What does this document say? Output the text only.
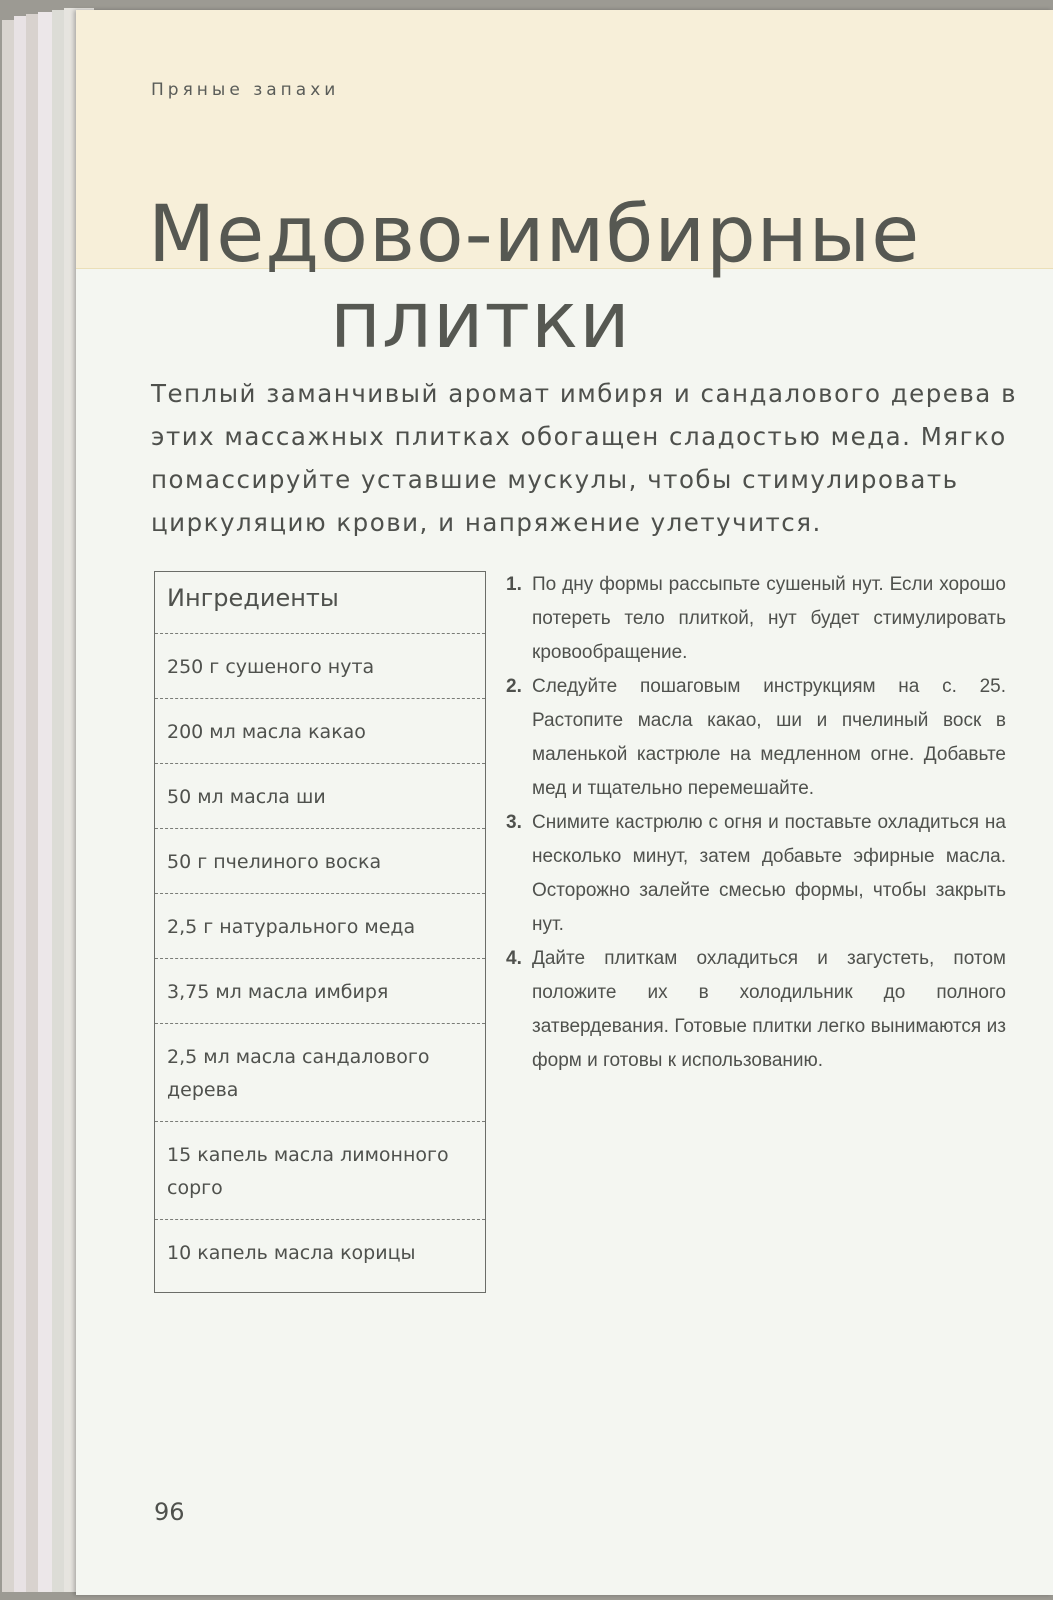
Пряные запахи
Медово-имбирные
плитки

Теплый заманчивый аромат имбиря и сандалового дерева в этих массажных плитках обогащен сладостью меда. Мягко помассируйте уставшие мускулы, чтобы стимулировать циркуляцию крови, и напряжение улетучится.

Ингредиенты
250 г сушеного нута
200 мл масла какао
50 мл масла ши
50 г пчелиного воска
2,5 г натурального меда
3,75 мл масла имбиря
2,5 мл масла сандалового дерева
15 капель масла лимонного сорго
10 капель масла корицы
1. По дну формы рассыпьте сушеный нут. Если хорошо потереть тело плиткой, нут будет стимулировать кровообращение.
2. Следуйте пошаговым инструкциям на с. 25. Растопите масла какао, ши и пчелиный воск в маленькой кастрюле на медленном огне. Добавьте мед и тщательно перемешайте.
3. Снимите кастрюлю с огня и поставьте охладиться на несколько минут, затем добавьте эфирные масла. Осторожно залейте смесью формы, чтобы закрыть нут.
4. Дайте плиткам охладиться и загустеть, потом положите их в холодильник до полного затвердевания. Готовые плитки легко вынимаются из форм и готовы к использованию.
96
